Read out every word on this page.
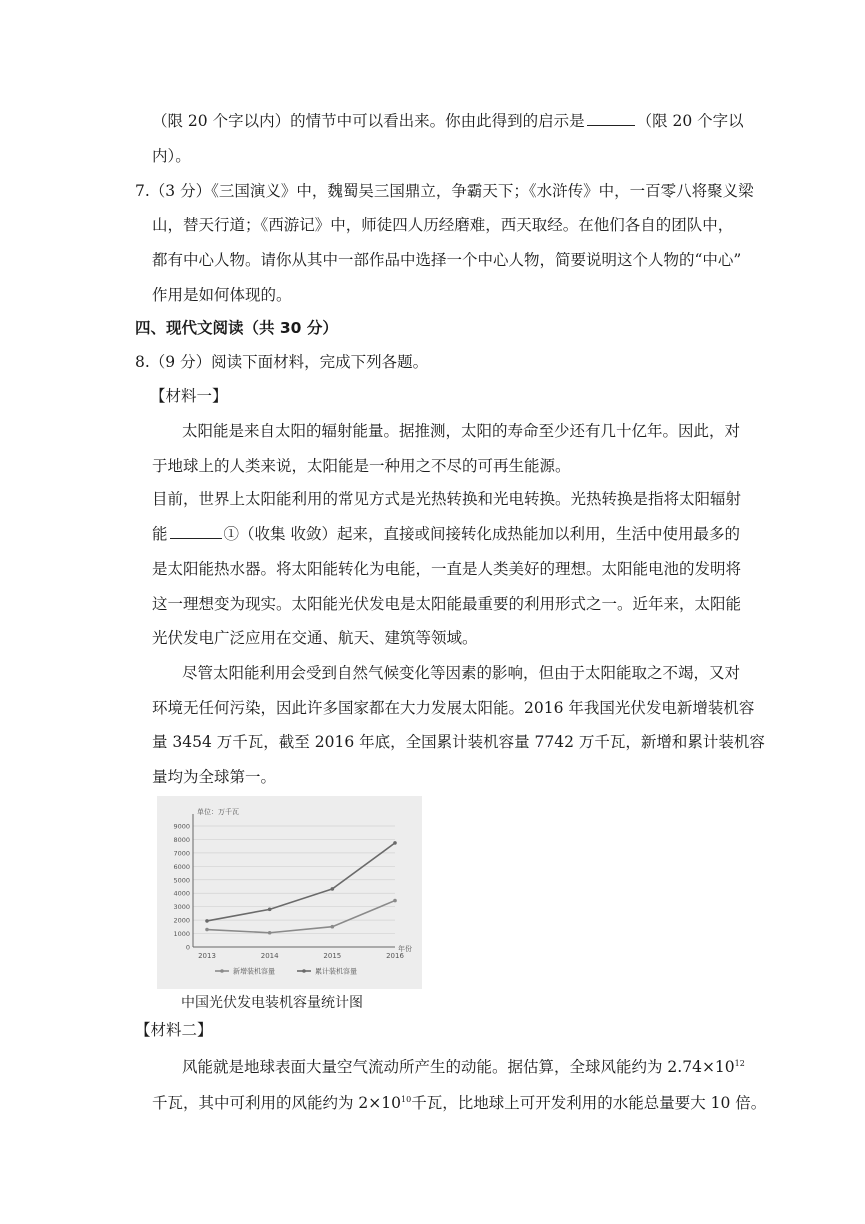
（限 20 个字以内）的情节中可以看出来。你由此得到的启示是	（限 20 个字以
内）。
7.（3 分）《三国演义》中，魏蜀吴三国鼎立，争霸天下；《水浒传》中，一百零八将聚义梁
山，替天行道；《西游记》中，师徒四人历经磨难，西天取经。在他们各自的团队中，
都有中心人物。请你从其中一部作品中选择一个中心人物，简要说明这个人物的“中心”
作用是如何体现的。
四、现代文阅读（共 30 分）
8.（9 分）阅读下面材料，完成下列各题。
【材料一】
太阳能是来自太阳的辐射能量。据推测，太阳的寿命至少还有几十亿年。因此，对
于地球上的人类来说，太阳能是一种用之不尽的可再生能源。
目前，世界上太阳能利用的常见方式是光热转换和光电转换。光热转换是指将太阳辐射
能	①（收集 收敛）起来，直接或间接转化成热能加以利用，生活中使用最多的
是太阳能热水器。将太阳能转化为电能，一直是人类美好的理想。太阳能电池的发明将
这一理想变为现实。太阳能光伏发电是太阳能最重要的利用形式之一。近年来，太阳能
光伏发电广泛应用在交通、航天、建筑等领域。
尽管太阳能利用会受到自然气候变化等因素的影响，但由于太阳能取之不竭，又对
环境无任何污染，因此许多国家都在大力发展太阳能。2016 年我国光伏发电新增装机容
量 3454 万千瓦，截至 2016 年底，全国累计装机容量 7742 万千瓦，新增和累计装机容
量均为全球第一。
0
1000
2000
3000
4000
5000
6000
7000
8000
9000
单位：万千瓦
2013	2014	2015	2016
年份
新增装机容量	累计装机容量
中国光伏发电装机容量统计图
【材料二】
风能就是地球表面大量空气流动所产生的动能。据估算，全球风能约为 $2.74\times 10^{12}$
千瓦，其中可利用的风能约为 $2\times 10^{10}$千瓦，比地球上可开发利用的水能总量要大 10 倍。
